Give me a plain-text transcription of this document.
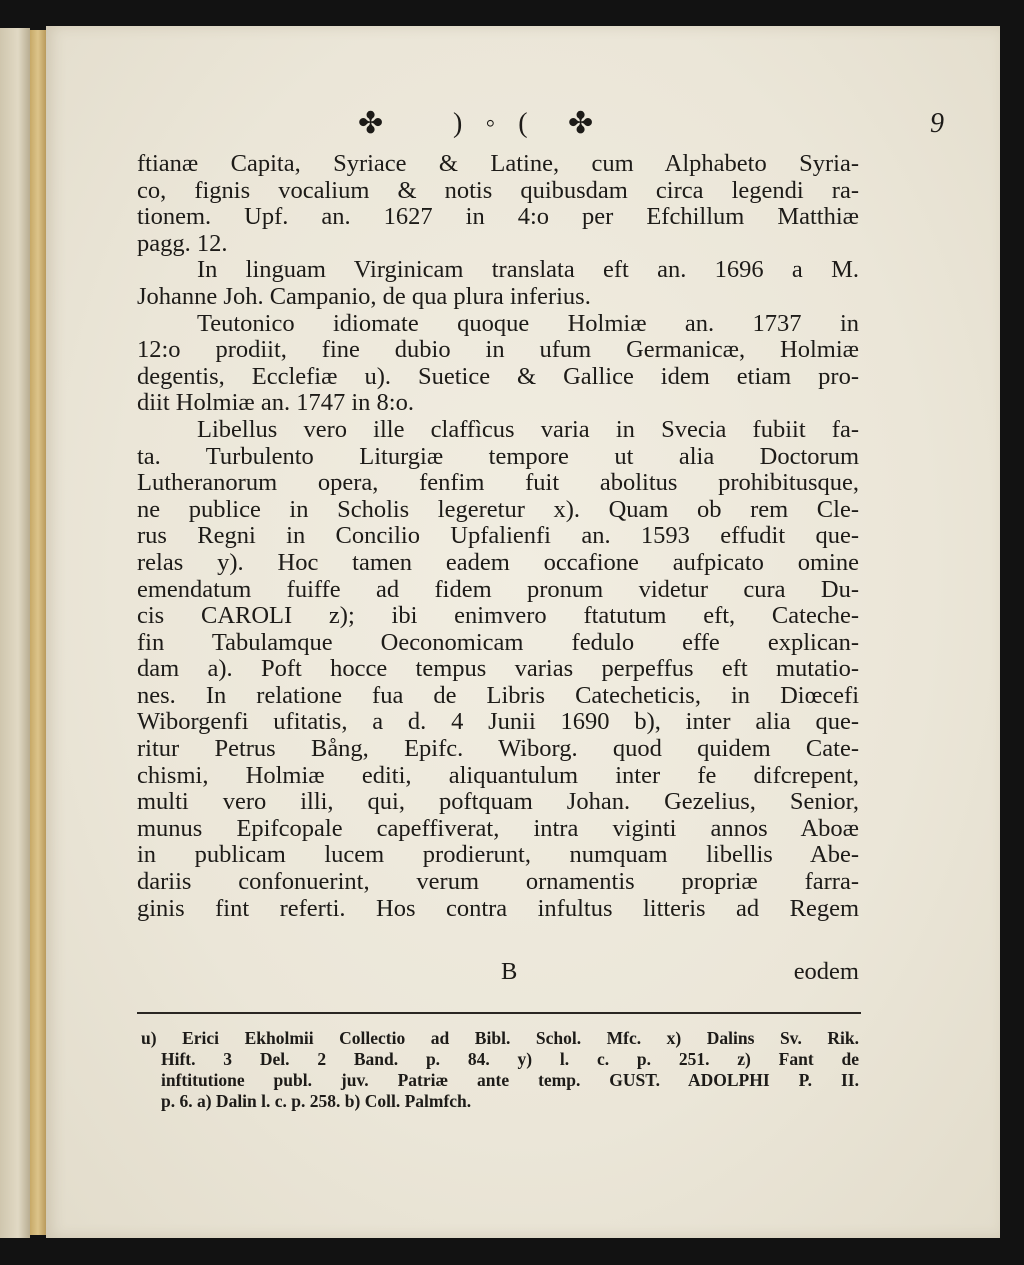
✤ ) ◦ ( ✤	9
ftianæ Capita, Syriace & Latine, cum Alphabeto Syria-
co, fignis vocalium & notis quibusdam circa legendi ra-
tionem. Upf. an. 1627 in 4:o per Efchillum Matthiæ
pagg. 12.
In linguam Virginicam translata eft an. 1696 a M.
Johanne Joh. Campanio, de qua plura inferius.
Teutonico idiomate quoque Holmiæ an. 1737 in
12:o prodiit, fine dubio in ufum Germanicæ, Holmiæ
degentis, Ecclefiæ u). Suetice & Gallice idem etiam pro-
diit Holmiæ an. 1747 in 8:o.
Libellus vero ille claffìcus varia in Svecia fubiit fa-
ta. Turbulento Liturgiæ tempore ut alia Doctorum
Lutheranorum opera, fenfim fuit abolitus prohibitusque,
ne publice in Scholis legeretur x). Quam ob rem Cle-
rus Regni in Concilio Upfalienfi an. 1593 effudit que-
relas y). Hoc tamen eadem occafione aufpicato omine
emendatum fuiffe ad fidem pronum videtur cura Du-
cis CAROLI z); ibi enimvero ftatutum eft, Cateche-
fin Tabulamque Oeconomicam fedulo effe explican-
dam a). Poft hocce tempus varias perpeffus eft mutatio-
nes. In relatione fua de Libris Catecheticis, in Diœcefi
Wiborgenfi ufitatis, a d. 4 Junii 1690 b), inter alia que-
ritur Petrus Bång, Epifc. Wiborg. quod quidem Cate-
chismi, Holmiæ editi, aliquantulum inter fe difcrepent,
multi vero illi, qui, poftquam Johan. Gezelius, Senior,
munus Epifcopale capeffiverat, intra viginti annos Aboæ
in publicam lucem prodierunt, numquam libellis Abe-
dariis confonuerint, verum ornamentis propriæ farra-
ginis fint referti. Hos contra infultus litteris ad Regem
B	eodem
u) Erici Ekholmii Collectio ad Bibl. Schol. Mfc. x) Dalins Sv. Rik.
Hift. 3 Del. 2 Band. p. 84. y) l. c. p. 251. z) Fant de
inftitutione publ. juv. Patriæ ante temp. GUST. ADOLPHI P. II.
p. 6. a) Dalin l. c. p. 258. b) Coll. Palmfch.
